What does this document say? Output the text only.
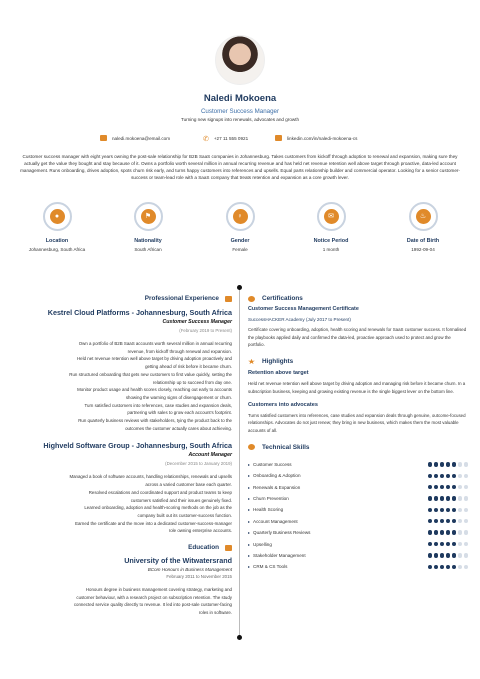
Naledi Mokoena
Customer Success Manager
Turning new signups into renewals, advocates and growth
naledi.mokoena@email.com	✆ +27 11 555 0921	linkedin.com/in/naledi-mokoena-cs
Customer success manager with eight years owning the post-sale relationship for B2B SaaS companies in Johannesburg. Takes customers from kickoff through adoption to renewal and expansion, making sure they actually get the value they bought and stay because of it. Owns a portfolio worth several million in annual recurring revenue and has held net revenue retention well above target through proactive, data-led account management. Runs onboarding, drives adoption, spots churn risk early, and turns happy customers into references and upsells. Equal parts relationship builder and commercial operator. Looking for a senior customer-success or team-lead role with a SaaS company that treats retention and expansion as a core growth lever.
●
Location
Johannesburg, South Africa
⚑
Nationality
South African
♀
Gender
Female
✉
Notice Period
1 month
♨
Date of Birth
1992-09-04
Professional Experience
Kestrel Cloud Platforms - Johannesburg, South Africa
Customer Success Manager
(February 2019 to Present)
Own a portfolio of B2B SaaS accounts worth several million in annual recurring
revenue, from kickoff through renewal and expansion.
Held net revenue retention well above target by driving adoption proactively and
getting ahead of risk before it became churn.
Run structured onboarding that gets new customers to first value quickly, setting the
relationship up to succeed from day one.
Monitor product usage and health scores closely, reaching out early to accounts
showing the warning signs of disengagement or churn.
Turn satisfied customers into references, case studies and expansion deals,
partnering with sales to grow each account's footprint.
Run quarterly business reviews with stakeholders, tying the product back to the
outcomes the customer actually cares about achieving.
Highveld Software Group - Johannesburg, South Africa
Account Manager
(December 2015 to January 2019)
Managed a book of software accounts, handling relationships, renewals and upsells
across a varied customer base each quarter.
Resolved escalations and coordinated support and product teams to keep
customers satisfied and their issues genuinely fixed.
Learned onboarding, adoption and health-scoring methods on the job as the
company built out its customer-success function.
Earned the certificate and the move into a dedicated customer-success-manager
role owning enterprise accounts.
Education
University of the Witwatersrand
BCom Honours in Business Management
February 2011 to November 2015
Honours degree in business management covering strategy, marketing and
customer behaviour, with a research project on subscription retention. The study
connected service quality directly to revenue. It led into post-sale customer-facing
roles in software.
Certifications
Customer Success Management Certificate
SuccessHACKER Academy (July 2017 to Present)
Certificate covering onboarding, adoption, health scoring and renewals for SaaS customer success. It formalised the playbooks applied daily and confirmed the data-led, proactive approach used to protect and grow the portfolio.
Highlights
Retention above target
Held net revenue retention well above target by driving adoption and managing risk before it became churn. In a subscription business, keeping and growing existing revenue is the single biggest lever on the bottom line.
Customers into advocates
Turns satisfied customers into references, case studies and expansion deals through genuine, outcome-focused relationships. Advocates do not just renew; they bring in new business, which makes them the most valuable accounts of all.
Technical Skills
▸ Customer Success
▸ Onboarding & Adoption
▸ Renewals & Expansion
▸ Churn Prevention
▸ Health Scoring
▸ Account Management
▸ Quarterly Business Reviews
▸ Upselling
▸ Stakeholder Management
▸ CRM & CS Tools
